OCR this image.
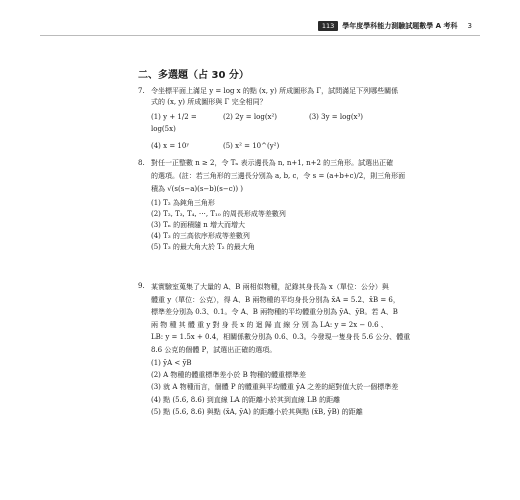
113	學年度學科能力測驗試題數學 A 考科 3
二、多選題（占 30 分）
7. 令坐標平面上滿足 y = log x 的點 (x, y) 所成圖形為 Γ，試問滿足下列哪些關係
式的 (x, y) 所成圖形與 Γ 完全相同？
(1) y + 1/2 = log(5x)
(2) 2y = log(x²)	(3) 3y = log(x³)
(4) x = 10ʸ	(5) x² = 10^(y²)
8. 對任一正整數 n ≥ 2，令 Tₙ 表示邊長為 n, n+1, n+2 的三角形。試選出正確
的選項。(註：若三角形的三邊長分別為 a, b, c，令 s = (a+b+c)/2，則三角形面
積為 √(s(s−a)(s−b)(s−c)) )
(1) T₂ 為鈍角三角形
(2) T₂, T₃, T₄, ⋯, T₁₀ 的周長形成等差數列
(3) Tₙ 的面積隨 n 增大而增大
(4) T₃ 的三高依序形成等差數列
(5) T₃ 的最大角大於 T₂ 的最大角
9. 某實驗室蒐集了大量的 A、B 兩相似物種，記錄其身長為 x（單位：公分）與
體重 y（單位：公克），得 A、B 兩物種的平均身長分別為 x̄A = 5.2、x̄B = 6，
標準差分別為 0.3、0.1。令 A、B 兩物種的平均體重分別為 ȳA、ȳB。若 A、B
兩 物 種 其 體 重 y 對 身 長 x 的 迴 歸 直 線 分 別 為 LA: y = 2x − 0.6 、
LB: y = 1.5x + 0.4，相關係數分別為 0.6、0.3。今發現一隻身長 5.6 公分、體重
8.6 公克的個體 P，試選出正確的選項。
(1) ȳA < ȳB
(2) A 物種的體重標準差小於 B 物種的體重標準差
(3) 就 A 物種而言，個體 P 的體重與平均體重 ȳA 之差的絕對值大於一個標準差
(4) 點 (5.6, 8.6) 到直線 LA 的距離小於其到直線 LB 的距離
(5) 點 (5.6, 8.6) 與點 (x̄A, ȳA) 的距離小於其與點 (x̄B, ȳB) 的距離
